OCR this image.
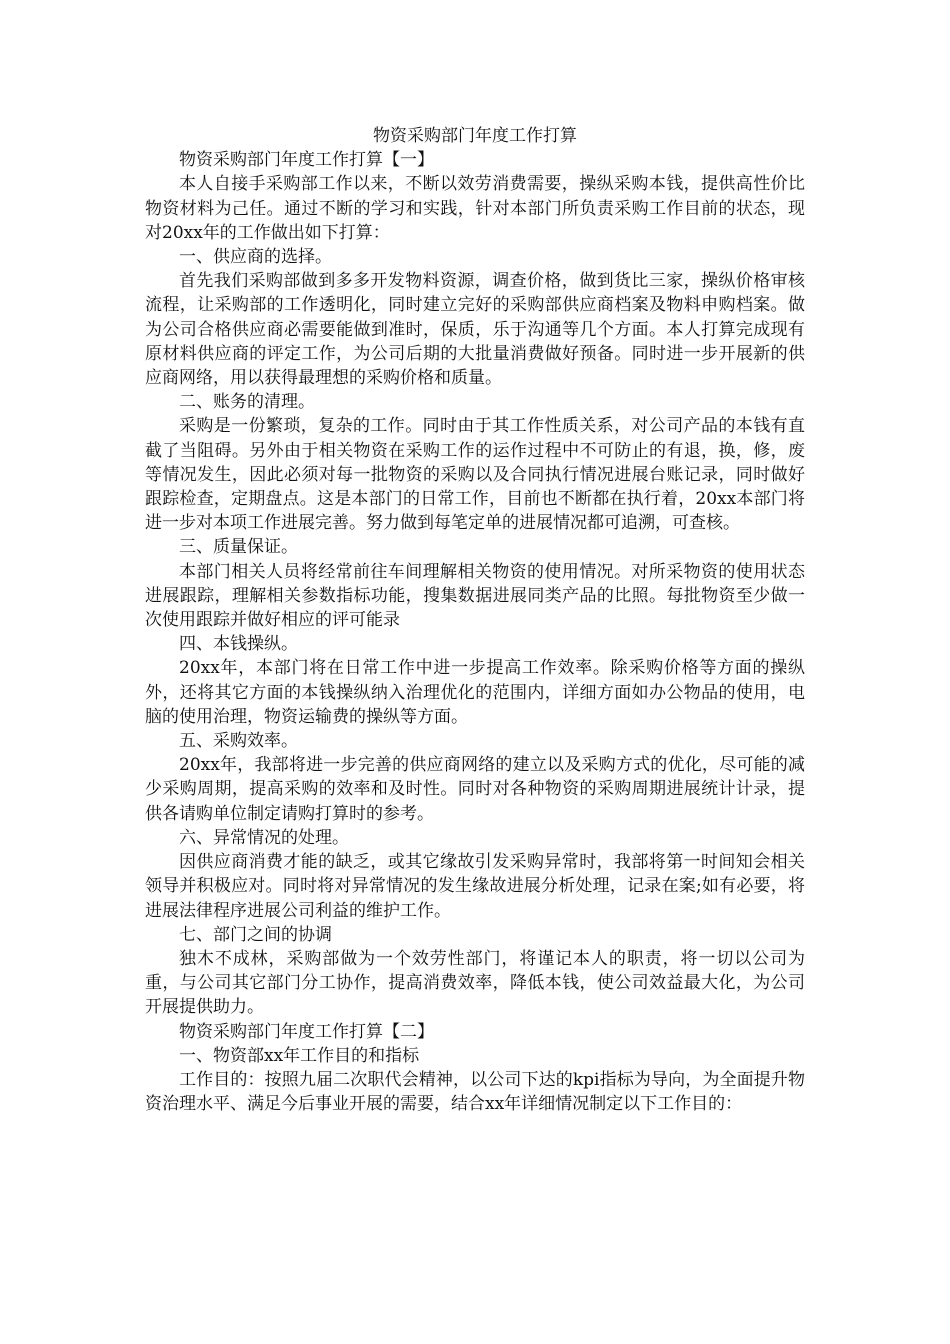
物资采购部门年度工作打算

物资采购部门年度工作打算【一】

本人自接手采购部工作以来，不断以效劳消费需要，操纵采购本钱，提供高性价比物资材料为己任。通过不断的学习和实践，针对本部门所负责采购工作目前的状态，现对20xx年的工作做出如下打算：

一、供应商的选择。

首先我们采购部做到多多开发物料资源，调查价格，做到货比三家，操纵价格审核流程，让采购部的工作透明化，同时建立完好的采购部供应商档案及物料申购档案。做为公司合格供应商必需要能做到准时，保质，乐于沟通等几个方面。本人打算完成现有原材料供应商的评定工作，为公司后期的大批量消费做好预备。同时进一步开展新的供应商网络，用以获得最理想的采购价格和质量。

二、账务的清理。

采购是一份繁琐，复杂的工作。同时由于其工作性质关系，对公司产品的本钱有直截了当阻碍。另外由于相关物资在采购工作的运作过程中不可防止的有退，换，修，废等情况发生，因此必须对每一批物资的采购以及合同执行情况进展台账记录，同时做好跟踪检查，定期盘点。这是本部门的日常工作，目前也不断都在执行着，20xx本部门将进一步对本项工作进展完善。努力做到每笔定单的进展情况都可追溯，可查核。

三、质量保证。

本部门相关人员将经常前往车间理解相关物资的使用情况。对所采物资的使用状态进展跟踪，理解相关参数指标功能，搜集数据进展同类产品的比照。每批物资至少做一次使用跟踪并做好相应的评可能录

四、本钱操纵。

20xx年，本部门将在日常工作中进一步提高工作效率。除采购价格等方面的操纵外，还将其它方面的本钱操纵纳入治理优化的范围内，详细方面如办公物品的使用，电脑的使用治理，物资运输费的操纵等方面。

五、采购效率。

20xx年，我部将进一步完善的供应商网络的建立以及采购方式的优化，尽可能的减少采购周期，提高采购的效率和及时性。同时对各种物资的采购周期进展统计计录，提供各请购单位制定请购打算时的参考。

六、异常情况的处理。

因供应商消费才能的缺乏，或其它缘故引发采购异常时，我部将第一时间知会相关领导并积极应对。同时将对异常情况的发生缘故进展分析处理，记录在案;如有必要，将进展法律程序进展公司利益的维护工作。

七、部门之间的协调

独木不成林，采购部做为一个效劳性部门，将谨记本人的职责，将一切以公司为重，与公司其它部门分工协作，提高消费效率，降低本钱，使公司效益最大化，为公司开展提供助力。

物资采购部门年度工作打算【二】

一、物资部xx年工作目的和指标

工作目的：按照九届二次职代会精神，以公司下达的kpi指标为导向，为全面提升物资治理水平、满足今后事业开展的需要，结合xx年详细情况制定以下工作目的：
